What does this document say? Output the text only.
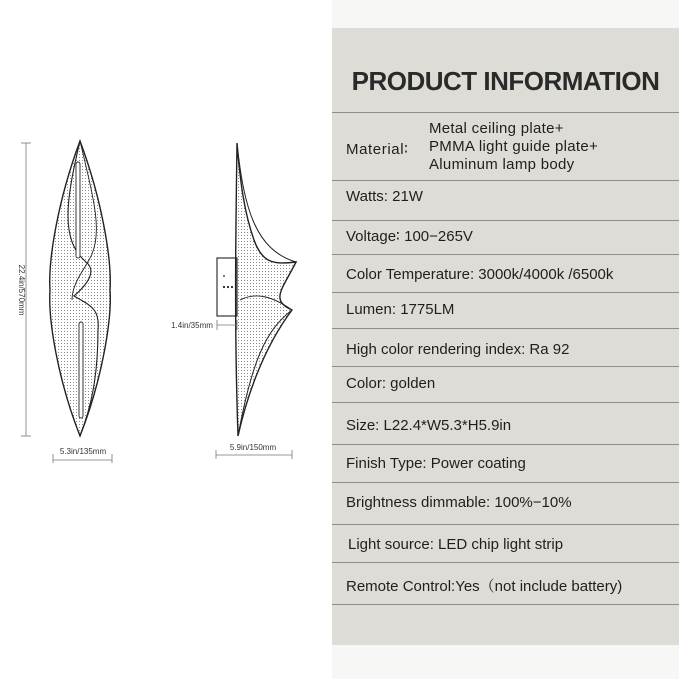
22.4in/570mm
5.3in/135mm
1.4in/35mm
5.9in/150mm
PRODUCT INFORMATION
Material∶
Metal ceiling plate+
PMMA light guide plate+
Aluminum lamp body
Watts: 21W
Voltage∶ 100−265V
Color Temperature: 3000k/4000k /6500k
Lumen: 1775LM
High color rendering index: Ra 92
Color: golden
Size: L22.4*W5.3*H5.9in
Finish Type: Power coating
Brightness dimmable: 100%−10%
Light source: LED chip light strip
Remote Control:Yes（not include battery)
